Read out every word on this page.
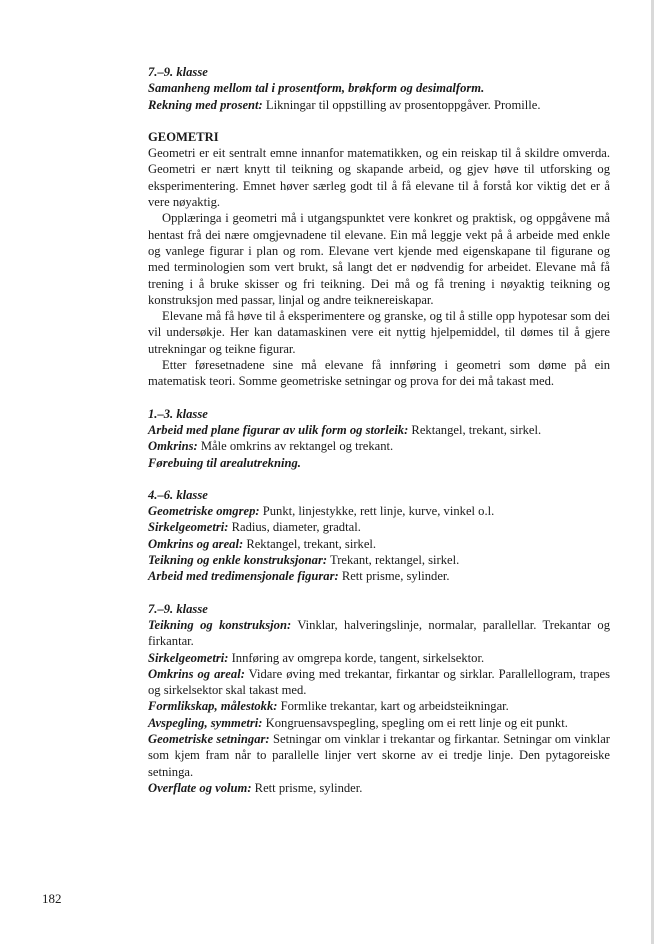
7.–9. klasse

Samanheng mellom tal i prosentform, brøkform og desimalform.

Rekning med prosent: Likningar til oppstilling av prosentoppgåver. Promille.

GEOMETRI

Geometri er eit sentralt emne innanfor matematikken, og ein reiskap til å skildre omverda. Geometri er nært knytt til teikning og skapande arbeid, og gjev høve til utforsking og eksperimentering. Emnet høver særleg godt til å få elevane til å forstå kor viktig det er å vere nøyaktig.

Opplæringa i geometri må i utgangspunktet vere konkret og praktisk, og oppgåvene må hentast frå dei nære omgjevnadene til elevane. Ein må leggje vekt på å arbeide med enkle og vanlege figurar i plan og rom. Elevane vert kjende med eigenskapane til figurane og med terminologien som vert brukt, så langt det er nødvendig for arbeidet. Elevane må få trening i å bruke skisser og fri teikning. Dei må og få trening i nøyaktig teikning og konstruksjon med passar, linjal og andre teiknereiskapar.

Elevane må få høve til å eksperimentere og granske, og til å stille opp hypotesar som dei vil undersøkje. Her kan datamaskinen vere eit nyttig hjelpemiddel, til dømes til å gjere utrekningar og teikne figurar.

Etter føresetnadene sine må elevane få innføring i geometri som døme på ein matematisk teori. Somme geometriske setningar og prova for dei må takast med.

1.–3. klasse

Arbeid med plane figurar av ulik form og storleik: Rektangel, trekant, sirkel.

Omkrins: Måle omkrins av rektangel og trekant.

Førebuing til arealutrekning.

4.–6. klasse

Geometriske omgrep: Punkt, linjestykke, rett linje, kurve, vinkel o.l.

Sirkelgeometri: Radius, diameter, gradtal.

Omkrins og areal: Rektangel, trekant, sirkel.

Teikning og enkle konstruksjonar: Trekant, rektangel, sirkel.

Arbeid med tredimensjonale figurar: Rett prisme, sylinder.

7.–9. klasse

Teikning og konstruksjon: Vinklar, halveringslinje, normalar, parallellar. Trekantar og firkantar.

Sirkelgeometri: Innføring av omgrepa korde, tangent, sirkelsektor.

Omkrins og areal: Vidare øving med trekantar, firkantar og sirklar. Parallellogram, trapes og sirkelsektor skal takast med.

Formlikskap, målestokk: Formlike trekantar, kart og arbeidsteikningar.

Avspegling, symmetri: Kongruensavspegling, spegling om ei rett linje og eit punkt.

Geometriske setningar: Setningar om vinklar i trekantar og firkantar. Setningar om vinklar som kjem fram når to parallelle linjer vert skorne av ei tredje linje. Den pytagoreiske setninga.

Overflate og volum: Rett prisme, sylinder.

182
